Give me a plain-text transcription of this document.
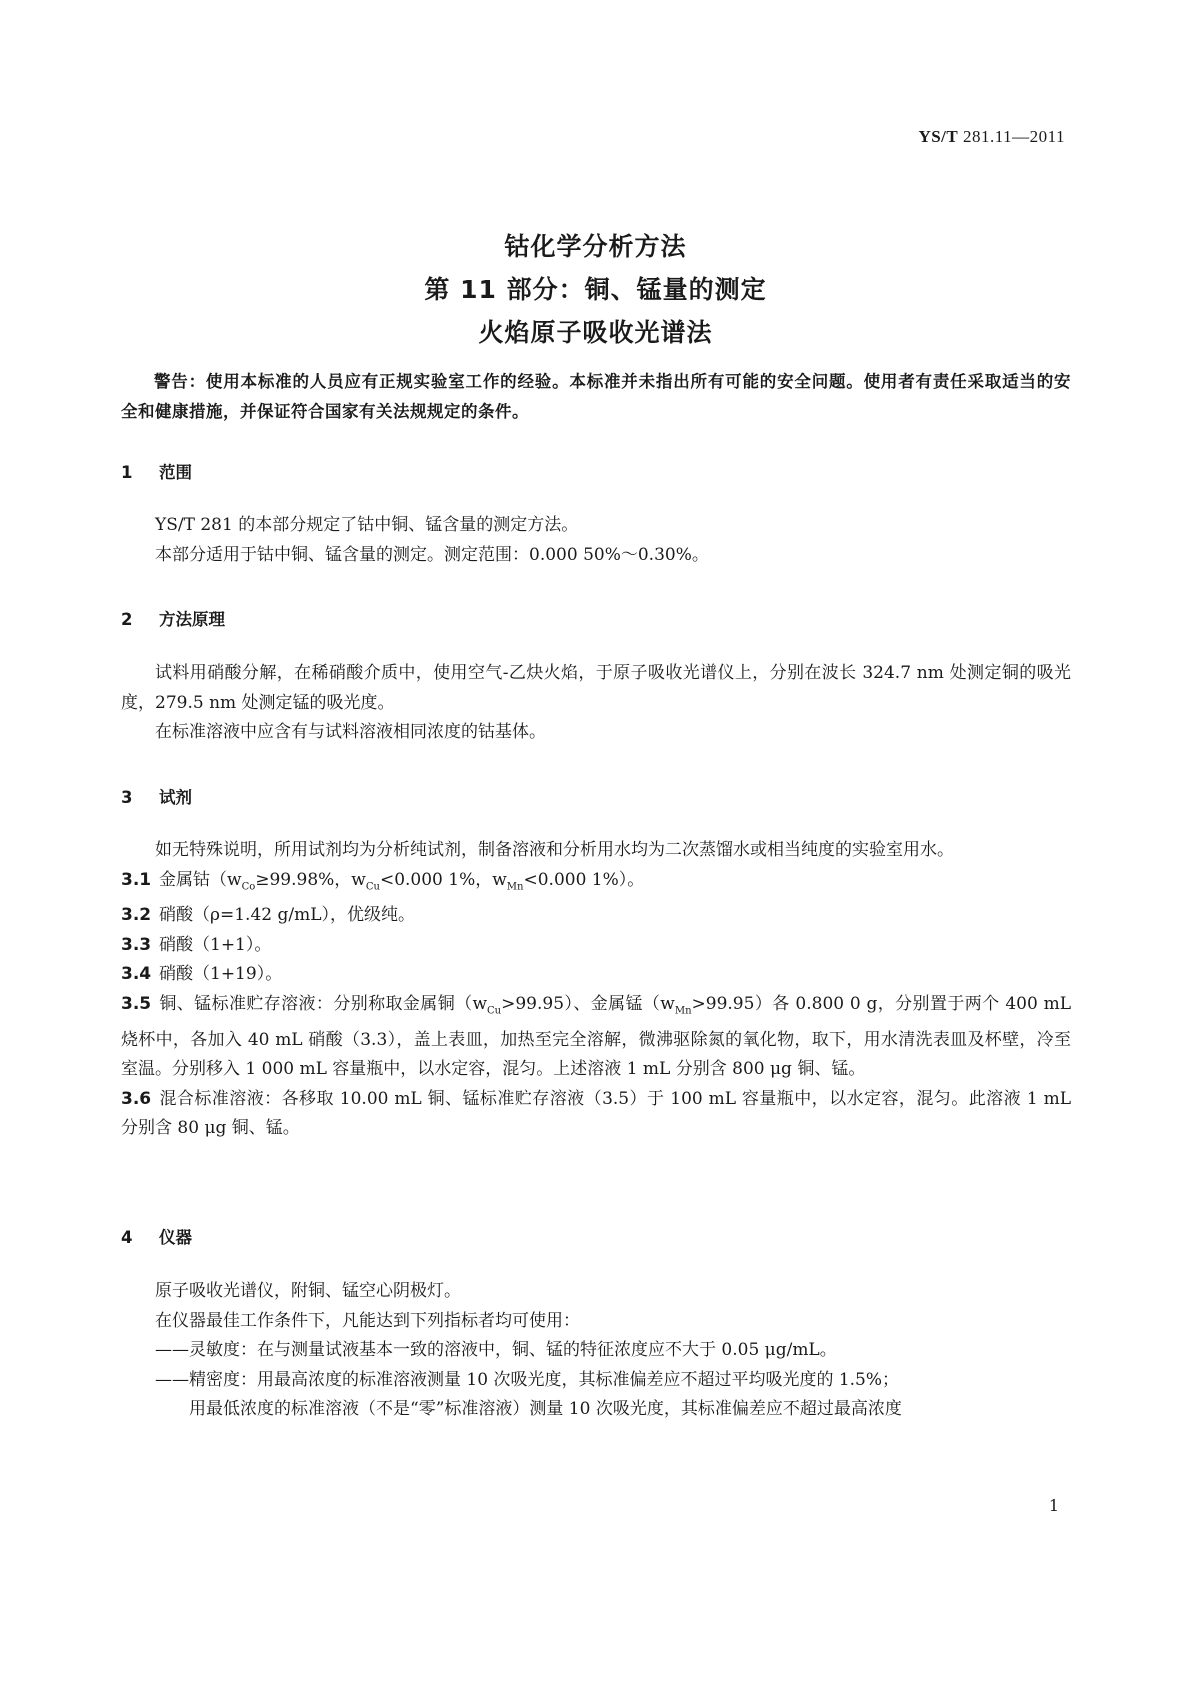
YS/T 281.11—2011
钴化学分析方法
第 11 部分：铜、锰量的测定
火焰原子吸收光谱法
警告：使用本标准的人员应有正规实验室工作的经验。本标准并未指出所有可能的安全问题。使用者有责任采取适当的安全和健康措施，并保证符合国家有关法规规定的条件。
1 范围
YS/T 281 的本部分规定了钴中铜、锰含量的测定方法。
本部分适用于钴中铜、锰含量的测定。测定范围：0.000 50%～0.30%。
2 方法原理
试料用硝酸分解，在稀硝酸介质中，使用空气-乙炔火焰，于原子吸收光谱仪上，分别在波长 324.7 nm 处测定铜的吸光度，279.5 nm 处测定锰的吸光度。
在标准溶液中应含有与试料溶液相同浓度的钴基体。
3 试剂
如无特殊说明，所用试剂均为分析纯试剂，制备溶液和分析用水均为二次蒸馏水或相当纯度的实验室用水。
3.1 金属钴（$w_{Co}\ge 99.98\%$，$w_{Cu}<0.000$ 1%，$w_{Mn}<0.000$ 1%）。
3.2 硝酸（ρ=1.42 g/mL），优级纯。
3.3 硝酸（1+1）。
3.4 硝酸（1+19）。
3.5 铜、锰标准贮存溶液：分别称取金属铜$(w_{Cu}>99.95)$、金属锰$(w_{Mn}>99.95)$各 0.800 0 g，分别置于两个 400 mL 烧杯中，各加入 40 mL 硝酸（3.3），盖上表皿，加热至完全溶解，微沸驱除氮的氧化物，取下，用水清洗表皿及杯壁，冷至室温。分别移入 1 000 mL 容量瓶中，以水定容，混匀。上述溶液 1 mL 分别含 800 μg 铜、锰。
3.6 混合标准溶液：各移取 10.00 mL 铜、锰标准贮存溶液（3.5）于 100 mL 容量瓶中，以水定容，混匀。此溶液 1 mL 分别含 80 μg 铜、锰。
4 仪器
原子吸收光谱仪，附铜、锰空心阴极灯。
在仪器最佳工作条件下，凡能达到下列指标者均可使用：
——灵敏度：在与测量试液基本一致的溶液中，铜、锰的特征浓度应不大于 0.05 μg/mL。
——精密度：用最高浓度的标准溶液测量 10 次吸光度，其标准偏差应不超过平均吸光度的 1.5%；
用最低浓度的标准溶液（不是“零”标准溶液）测量 10 次吸光度，其标准偏差应不超过最高浓度
1
